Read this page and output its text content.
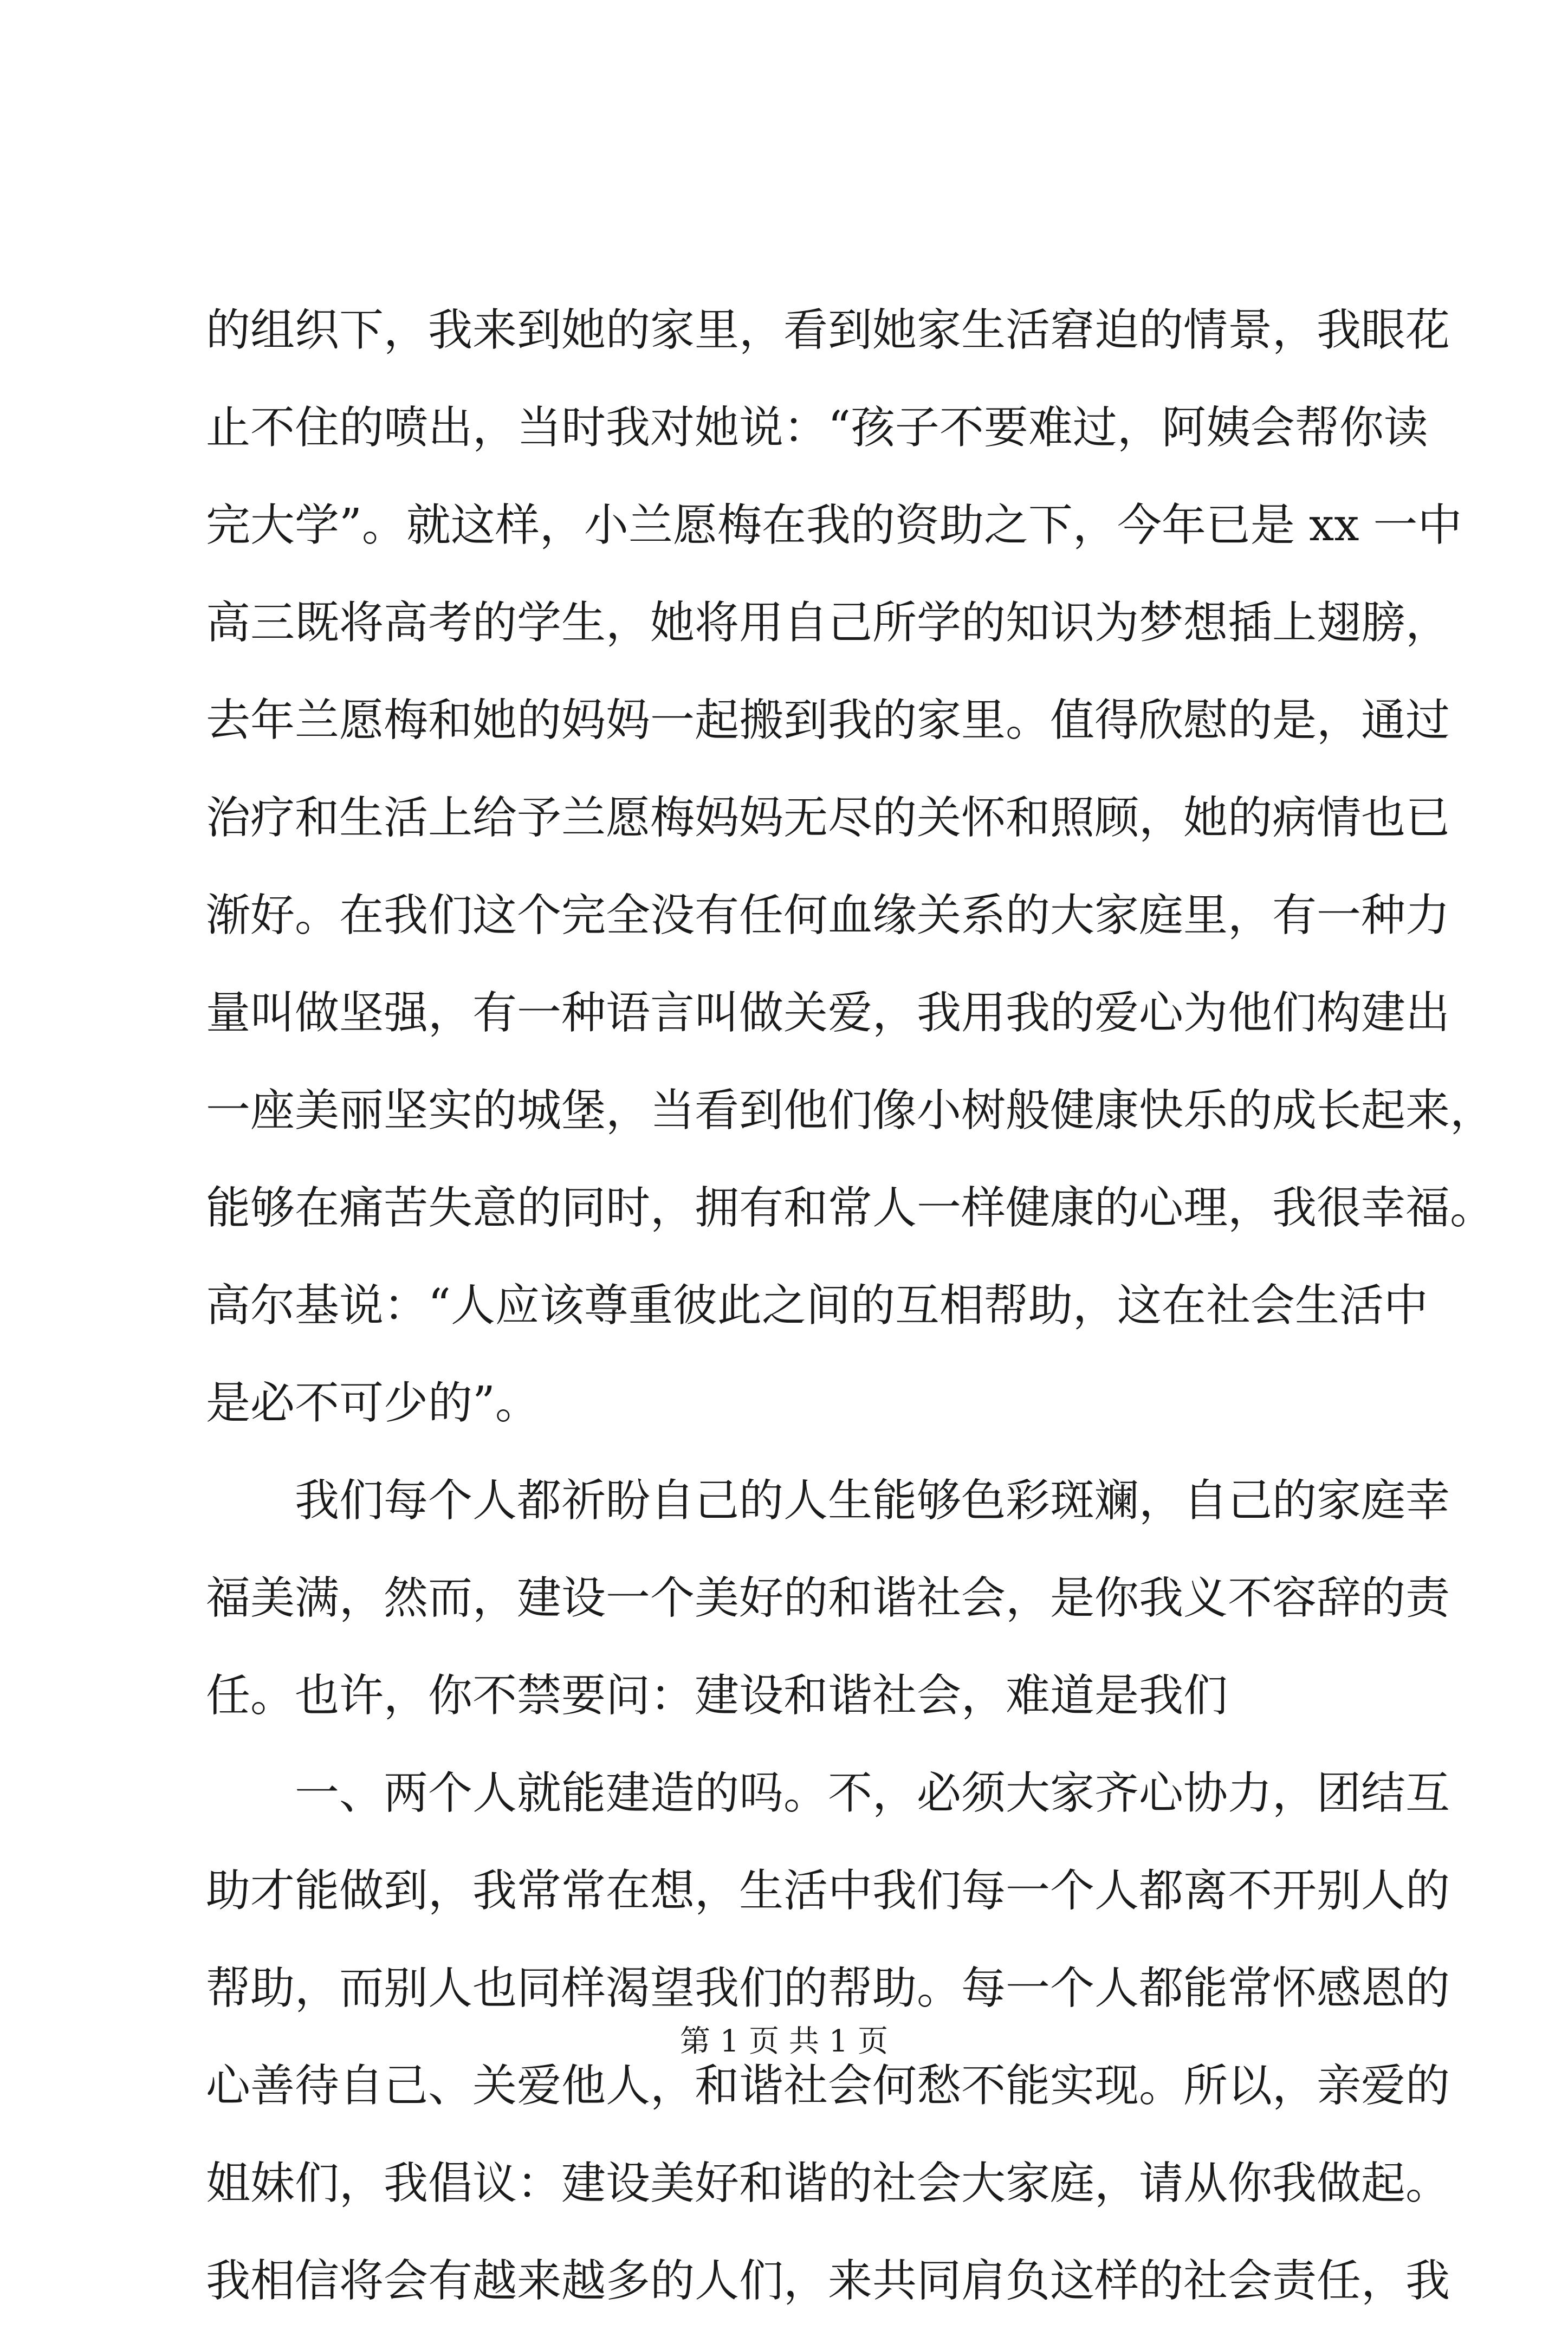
的组织下，我来到她的家里，看到她家生活窘迫的情景，我眼花
止不住的喷出，当时我对她说：“孩子不要难过，阿姨会帮你读
完大学”。就这样，小兰愿梅在我的资助之下，今年已是 xx 一中
高三既将高考的学生，她将用自己所学的知识为梦想插上翅膀，
去年兰愿梅和她的妈妈一起搬到我的家里。值得欣慰的是，通过
治疗和生活上给予兰愿梅妈妈无尽的关怀和照顾，她的病情也已
渐好。在我们这个完全没有任何血缘关系的大家庭里，有一种力
量叫做坚强，有一种语言叫做关爱，我用我的爱心为他们构建出
一座美丽坚实的城堡，当看到他们像小树般健康快乐的成长起来，
能够在痛苦失意的同时，拥有和常人一样健康的心理，我很幸福。
高尔基说：“人应该尊重彼此之间的互相帮助，这在社会生活中
是必不可少的”。
我们每个人都祈盼自己的人生能够色彩斑斓，自己的家庭幸
福美满，然而，建设一个美好的和谐社会，是你我义不容辞的责
任。也许，你不禁要问：建设和谐社会，难道是我们
一、两个人就能建造的吗。不，必须大家齐心协力，团结互
助才能做到，我常常在想，生活中我们每一个人都离不开别人的
帮助，而别人也同样渴望我们的帮助。每一个人都能常怀感恩的
心善待自己、关爱他人，和谐社会何愁不能实现。所以，亲爱的
姐妹们，我倡议：建设美好和谐的社会大家庭，请从你我做起。
我相信将会有越来越多的人们，来共同肩负这样的社会责任，我
第 1 页 共 1 页
